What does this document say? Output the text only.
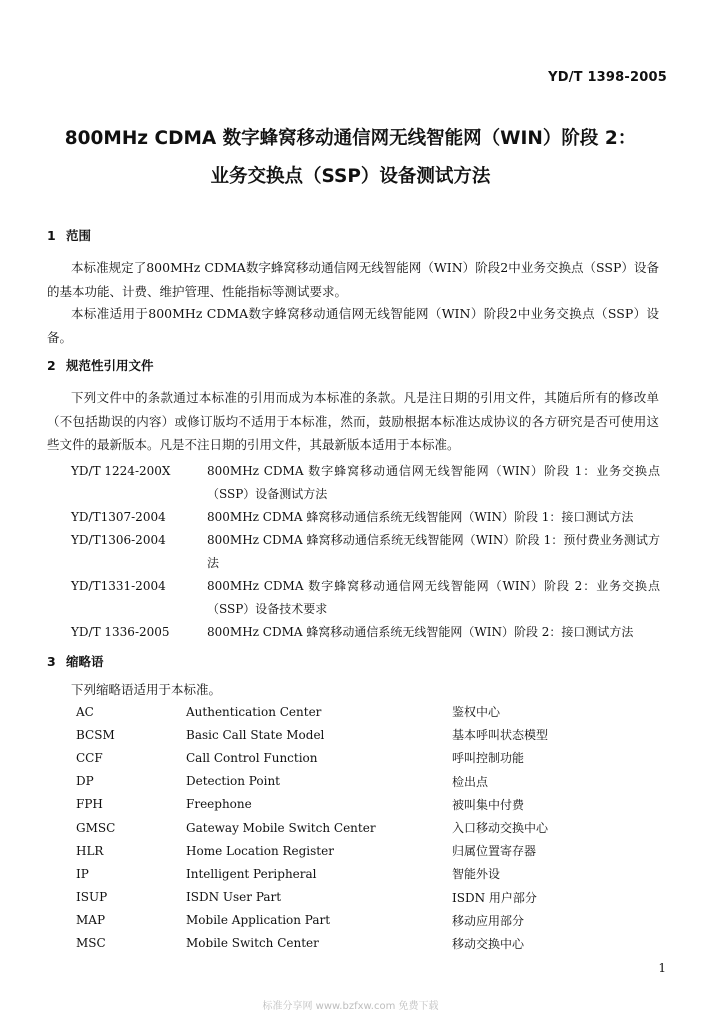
YD/T 1398-2005
800MHz CDMA 数字蜂窝移动通信网无线智能网（WIN）阶段 2：
业务交换点（SSP）设备测试方法
1 范围

本标准规定了800MHz CDMA数字蜂窝移动通信网无线智能网（WIN）阶段2中业务交换点（SSP）设备的基本功能、计费、维护管理、性能指标等测试要求。

本标准适用于800MHz CDMA数字蜂窝移动通信网无线智能网（WIN）阶段2中业务交换点（SSP）设备。

2 规范性引用文件

下列文件中的条款通过本标准的引用而成为本标准的条款。凡是注日期的引用文件，其随后所有的修改单（不包括勘误的内容）或修订版均不适用于本标准，然而，鼓励根据本标准达成协议的各方研究是否可使用这些文件的最新版本。凡是不注日期的引用文件，其最新版本适用于本标准。

YD/T 1224-200X	800MHz CDMA 数字蜂窝移动通信网无线智能网（WIN）阶段 1：业务交换点（SSP）设备测试方法
YD/T1307-2004	800MHz CDMA 蜂窝移动通信系统无线智能网（WIN）阶段 1：接口测试方法
YD/T1306-2004	800MHz CDMA 蜂窝移动通信系统无线智能网（WIN）阶段 1：预付费业务测试方法
YD/T1331-2004	800MHz CDMA 数字蜂窝移动通信网无线智能网（WIN）阶段 2：业务交换点（SSP）设备技术要求
YD/T 1336-2005	800MHz CDMA 蜂窝移动通信系统无线智能网（WIN）阶段 2：接口测试方法
3 缩略语
下列缩略语适用于本标准。
AC	Authentication Center	鉴权中心
BCSM	Basic Call State Model	基本呼叫状态模型
CCF	Call Control Function	呼叫控制功能
DP	Detection Point	检出点
FPH	Freephone	被叫集中付费
GMSC	Gateway Mobile Switch Center	入口移动交换中心
HLR	Home Location Register	归属位置寄存器
IP	Intelligent Peripheral	智能外设
ISUP	ISDN User Part	ISDN 用户部分
MAP	Mobile Application Part	移动应用部分
MSC	Mobile Switch Center	移动交换中心
1
标准分享网 www.bzfxw.com 免费下载
